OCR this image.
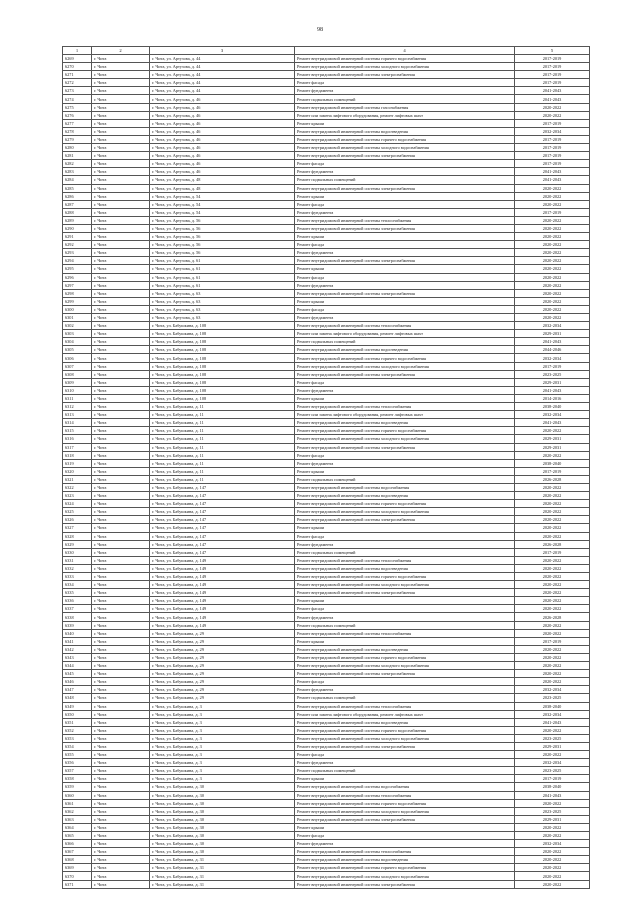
98
1	2	3	4	5
6269	г. Чита	г. Чита, ул. Артузова, д. 44	Ремонт внутридомовой инженерной системы горячего водоснабжения	2017-2019
6270	г. Чита	г. Чита, ул. Артузова, д. 44	Ремонт внутридомовой инженерной системы холодного водоснабжения	2017-2019
6271	г. Чита	г. Чита, ул. Артузова, д. 44	Ремонт внутридомовой инженерной системы электроснабжения	2017-2019
6272	г. Чита	г. Чита, ул. Артузова, д. 44	Ремонт фасада	2017-2019
6273	г. Чита	г. Чита, ул. Артузова, д. 44	Ремонт фундамента	2041-2043
6274	г. Чита	г. Чита, ул. Артузова, д. 46	Ремонт подвальных помещений	2041-2043
6275	г. Чита	г. Чита, ул. Артузова, д. 46	Ремонт внутридомовой инженерной системы газоснабжения	2020-2022
6276	г. Чита	г. Чита, ул. Артузова, д. 46	Ремонт или замена лифтового оборудования, ремонт лифтовых шахт	2020-2022
6277	г. Чита	г. Чита, ул. Артузова, д. 46	Ремонт крыши	2017-2019
6278	г. Чита	г. Чита, ул. Артузова, д. 46	Ремонт внутридомовой инженерной системы водоотведения	2032-2034
6279	г. Чита	г. Чита, ул. Артузова, д. 46	Ремонт внутридомовой инженерной системы горячего водоснабжения	2017-2019
6280	г. Чита	г. Чита, ул. Артузова, д. 46	Ремонт внутридомовой инженерной системы холодного водоснабжения	2017-2019
6281	г. Чита	г. Чита, ул. Артузова, д. 46	Ремонт внутридомовой инженерной системы электроснабжения	2017-2019
6282	г. Чита	г. Чита, ул. Артузова, д. 46	Ремонт фасада	2017-2019
6283	г. Чита	г. Чита, ул. Артузова, д. 46	Ремонт фундамента	2041-2043
6284	г. Чита	г. Чита, ул. Артузова, д. 48	Ремонт подвальных помещений	2041-2043
6285	г. Чита	г. Чита, ул. Артузова, д. 48	Ремонт внутридомовой инженерной системы электроснабжения	2020-2022
6286	г. Чита	г. Чита, ул. Артузова, д. 54	Ремонт крыши	2020-2022
6287	г. Чита	г. Чита, ул. Артузова, д. 54	Ремонт фасада	2020-2022
6288	г. Чита	г. Чита, ул. Артузова, д. 54	Ремонт фундамента	2017-2019
6289	г. Чита	г. Чита, ул. Артузова, д. 56	Ремонт внутридомовой инженерной системы теплоснабжения	2020-2022
6290	г. Чита	г. Чита, ул. Артузова, д. 56	Ремонт внутридомовой инженерной системы электроснабжения	2020-2022
6291	г. Чита	г. Чита, ул. Артузова, д. 56	Ремонт крыши	2020-2022
6292	г. Чита	г. Чита, ул. Артузова, д. 56	Ремонт фасада	2020-2022
6293	г. Чита	г. Чита, ул. Артузова, д. 56	Ремонт фундамента	2020-2022
6294	г. Чита	г. Чита, ул. Артузова, д. 61	Ремонт внутридомовой инженерной системы электроснабжения	2020-2022
6295	г. Чита	г. Чита, ул. Артузова, д. 61	Ремонт крыши	2020-2022
6296	г. Чита	г. Чита, ул. Артузова, д. 61	Ремонт фасада	2020-2022
6297	г. Чита	г. Чита, ул. Артузова, д. 61	Ремонт фундамента	2020-2022
6298	г. Чита	г. Чита, ул. Артузова, д. 63	Ремонт внутридомовой инженерной системы электроснабжения	2020-2022
6299	г. Чита	г. Чита, ул. Артузова, д. 63	Ремонт крыши	2020-2022
6300	г. Чита	г. Чита, ул. Артузова, д. 63	Ремонт фасада	2020-2022
6301	г. Чита	г. Чита, ул. Артузова, д. 63	Ремонт фундамента	2020-2022
6302	г. Чита	г. Чита, ул. Бабушкина, д. 108	Ремонт внутридомовой инженерной системы теплоснабжения	2032-2034
6303	г. Чита	г. Чита, ул. Бабушкина, д. 108	Ремонт или замена лифтового оборудования, ремонт лифтовых шахт	2029-2031
6304	г. Чита	г. Чита, ул. Бабушкина, д. 108	Ремонт подвальных помещений	2041-2043
6305	г. Чита	г. Чита, ул. Бабушкина, д. 108	Ремонт внутридомовой инженерной системы водоотведения	2044-2046
6306	г. Чита	г. Чита, ул. Бабушкина, д. 108	Ремонт внутридомовой инженерной системы горячего водоснабжения	2032-2034
6307	г. Чита	г. Чита, ул. Бабушкина, д. 108	Ремонт внутридомовой инженерной системы холодного водоснабжения	2017-2019
6308	г. Чита	г. Чита, ул. Бабушкина, д. 108	Ремонт внутридомовой инженерной системы электроснабжения	2023-2025
6309	г. Чита	г. Чита, ул. Бабушкина, д. 108	Ремонт фасада	2029-2031
6310	г. Чита	г. Чита, ул. Бабушкина, д. 108	Ремонт фундамента	2041-2043
6311	г. Чита	г. Чита, ул. Бабушкина, д. 108	Ремонт крыши	2014-2016
6312	г. Чита	г. Чита, ул. Бабушкина, д. 11	Ремонт внутридомовой инженерной системы теплоснабжения	2038-2040
6313	г. Чита	г. Чита, ул. Бабушкина, д. 11	Ремонт или замена лифтового оборудования, ремонт лифтовых шахт	2032-2034
6314	г. Чита	г. Чита, ул. Бабушкина, д. 11	Ремонт внутридомовой инженерной системы водоотведения	2041-2043
6315	г. Чита	г. Чита, ул. Бабушкина, д. 11	Ремонт внутридомовой инженерной системы горячего водоснабжения	2020-2022
6316	г. Чита	г. Чита, ул. Бабушкина, д. 11	Ремонт внутридомовой инженерной системы холодного водоснабжения	2029-2031
6317	г. Чита	г. Чита, ул. Бабушкина, д. 11	Ремонт внутридомовой инженерной системы электроснабжения	2029-2031
6318	г. Чита	г. Чита, ул. Бабушкина, д. 11	Ремонт фасада	2020-2022
6319	г. Чита	г. Чита, ул. Бабушкина, д. 11	Ремонт фундамента	2038-2040
6320	г. Чита	г. Чита, ул. Бабушкина, д. 11	Ремонт крыши	2017-2019
6321	г. Чита	г. Чита, ул. Бабушкина, д. 11	Ремонт подвальных помещений	2026-2028
6322	г. Чита	г. Чита, ул. Бабушкина, д. 147	Ремонт внутридомовой инженерной системы водоснабжения	2020-2022
6323	г. Чита	г. Чита, ул. Бабушкина, д. 147	Ремонт внутридомовой инженерной системы водоотведения	2020-2022
6324	г. Чита	г. Чита, ул. Бабушкина, д. 147	Ремонт внутридомовой инженерной системы горячего водоснабжения	2020-2022
6325	г. Чита	г. Чита, ул. Бабушкина, д. 147	Ремонт внутридомовой инженерной системы холодного водоснабжения	2020-2022
6326	г. Чита	г. Чита, ул. Бабушкина, д. 147	Ремонт внутридомовой инженерной системы электроснабжения	2020-2022
6327	г. Чита	г. Чита, ул. Бабушкина, д. 147	Ремонт крыши	2020-2022
6328	г. Чита	г. Чита, ул. Бабушкина, д. 147	Ремонт фасада	2020-2022
6329	г. Чита	г. Чита, ул. Бабушкина, д. 147	Ремонт фундамента	2026-2028
6330	г. Чита	г. Чита, ул. Бабушкина, д. 147	Ремонт подвальных помещений	2017-2019
6331	г. Чита	г. Чита, ул. Бабушкина, д. 149	Ремонт внутридомовой инженерной системы теплоснабжения	2020-2022
6332	г. Чита	г. Чита, ул. Бабушкина, д. 149	Ремонт внутридомовой инженерной системы водоотведения	2020-2022
6333	г. Чита	г. Чита, ул. Бабушкина, д. 149	Ремонт внутридомовой инженерной системы горячего водоснабжения	2020-2022
6334	г. Чита	г. Чита, ул. Бабушкина, д. 149	Ремонт внутридомовой инженерной системы холодного водоснабжения	2020-2022
6335	г. Чита	г. Чита, ул. Бабушкина, д. 149	Ремонт внутридомовой инженерной системы электроснабжения	2020-2022
6336	г. Чита	г. Чита, ул. Бабушкина, д. 149	Ремонт крыши	2020-2022
6337	г. Чита	г. Чита, ул. Бабушкина, д. 149	Ремонт фасада	2020-2022
6338	г. Чита	г. Чита, ул. Бабушкина, д. 149	Ремонт фундамента	2026-2028
6339	г. Чита	г. Чита, ул. Бабушкина, д. 149	Ремонт подвальных помещений	2020-2022
6340	г. Чита	г. Чита, ул. Бабушкина, д. 29	Ремонт внутридомовой инженерной системы теплоснабжения	2020-2022
6341	г. Чита	г. Чита, ул. Бабушкина, д. 29	Ремонт крыши	2017-2019
6342	г. Чита	г. Чита, ул. Бабушкина, д. 29	Ремонт внутридомовой инженерной системы водоотведения	2020-2022
6343	г. Чита	г. Чита, ул. Бабушкина, д. 29	Ремонт внутридомовой инженерной системы горячего водоснабжения	2020-2022
6344	г. Чита	г. Чита, ул. Бабушкина, д. 29	Ремонт внутридомовой инженерной системы холодного водоснабжения	2020-2022
6345	г. Чита	г. Чита, ул. Бабушкина, д. 29	Ремонт внутридомовой инженерной системы электроснабжения	2020-2022
6346	г. Чита	г. Чита, ул. Бабушкина, д. 29	Ремонт фасада	2020-2022
6347	г. Чита	г. Чита, ул. Бабушкина, д. 29	Ремонт фундамента	2032-2034
6348	г. Чита	г. Чита, ул. Бабушкина, д. 29	Ремонт подвальных помещений	2023-2025
6349	г. Чита	г. Чита, ул. Бабушкина, д. 3	Ремонт внутридомовой инженерной системы теплоснабжения	2038-2040
6350	г. Чита	г. Чита, ул. Бабушкина, д. 3	Ремонт или замена лифтового оборудования, ремонт лифтовых шахт	2032-2034
6351	г. Чита	г. Чита, ул. Бабушкина, д. 3	Ремонт внутридомовой инженерной системы водоотведения	2041-2043
6352	г. Чита	г. Чита, ул. Бабушкина, д. 3	Ремонт внутридомовой инженерной системы горячего водоснабжения	2020-2022
6353	г. Чита	г. Чита, ул. Бабушкина, д. 3	Ремонт внутридомовой инженерной системы холодного водоснабжения	2023-2025
6354	г. Чита	г. Чита, ул. Бабушкина, д. 3	Ремонт внутридомовой инженерной системы электроснабжения	2029-2031
6355	г. Чита	г. Чита, ул. Бабушкина, д. 3	Ремонт фасада	2020-2022
6356	г. Чита	г. Чита, ул. Бабушкина, д. 3	Ремонт фундамента	2032-2034
6357	г. Чита	г. Чита, ул. Бабушкина, д. 3	Ремонт подвальных помещений	2023-2025
6358	г. Чита	г. Чита, ул. Бабушкина, д. 3	Ремонт крыши	2017-2019
6359	г. Чита	г. Чита, ул. Бабушкина, д. 30	Ремонт внутридомовой инженерной системы водоснабжения	2038-2040
6360	г. Чита	г. Чита, ул. Бабушкина, д. 30	Ремонт внутридомовой инженерной системы теплоснабжения	2041-2043
6361	г. Чита	г. Чита, ул. Бабушкина, д. 30	Ремонт внутридомовой инженерной системы горячего водоснабжения	2020-2022
6362	г. Чита	г. Чита, ул. Бабушкина, д. 30	Ремонт внутридомовой инженерной системы холодного водоснабжения	2023-2025
6363	г. Чита	г. Чита, ул. Бабушкина, д. 30	Ремонт внутридомовой инженерной системы электроснабжения	2029-2031
6364	г. Чита	г. Чита, ул. Бабушкина, д. 30	Ремонт крыши	2020-2022
6365	г. Чита	г. Чита, ул. Бабушкина, д. 30	Ремонт фасада	2020-2022
6366	г. Чита	г. Чита, ул. Бабушкина, д. 30	Ремонт фундамента	2032-2034
6367	г. Чита	г. Чита, ул. Бабушкина, д. 30	Ремонт внутридомовой инженерной системы теплоснабжения	2020-2022
6368	г. Чита	г. Чита, ул. Бабушкина, д. 31	Ремонт внутридомовой инженерной системы водоотведения	2020-2022
6369	г. Чита	г. Чита, ул. Бабушкина, д. 31	Ремонт внутридомовой инженерной системы горячего водоснабжения	2020-2022
6370	г. Чита	г. Чита, ул. Бабушкина, д. 31	Ремонт внутридомовой инженерной системы холодного водоснабжения	2020-2022
6371	г. Чита	г. Чита, ул. Бабушкина, д. 31	Ремонт внутридомовой инженерной системы электроснабжения	2020-2022
